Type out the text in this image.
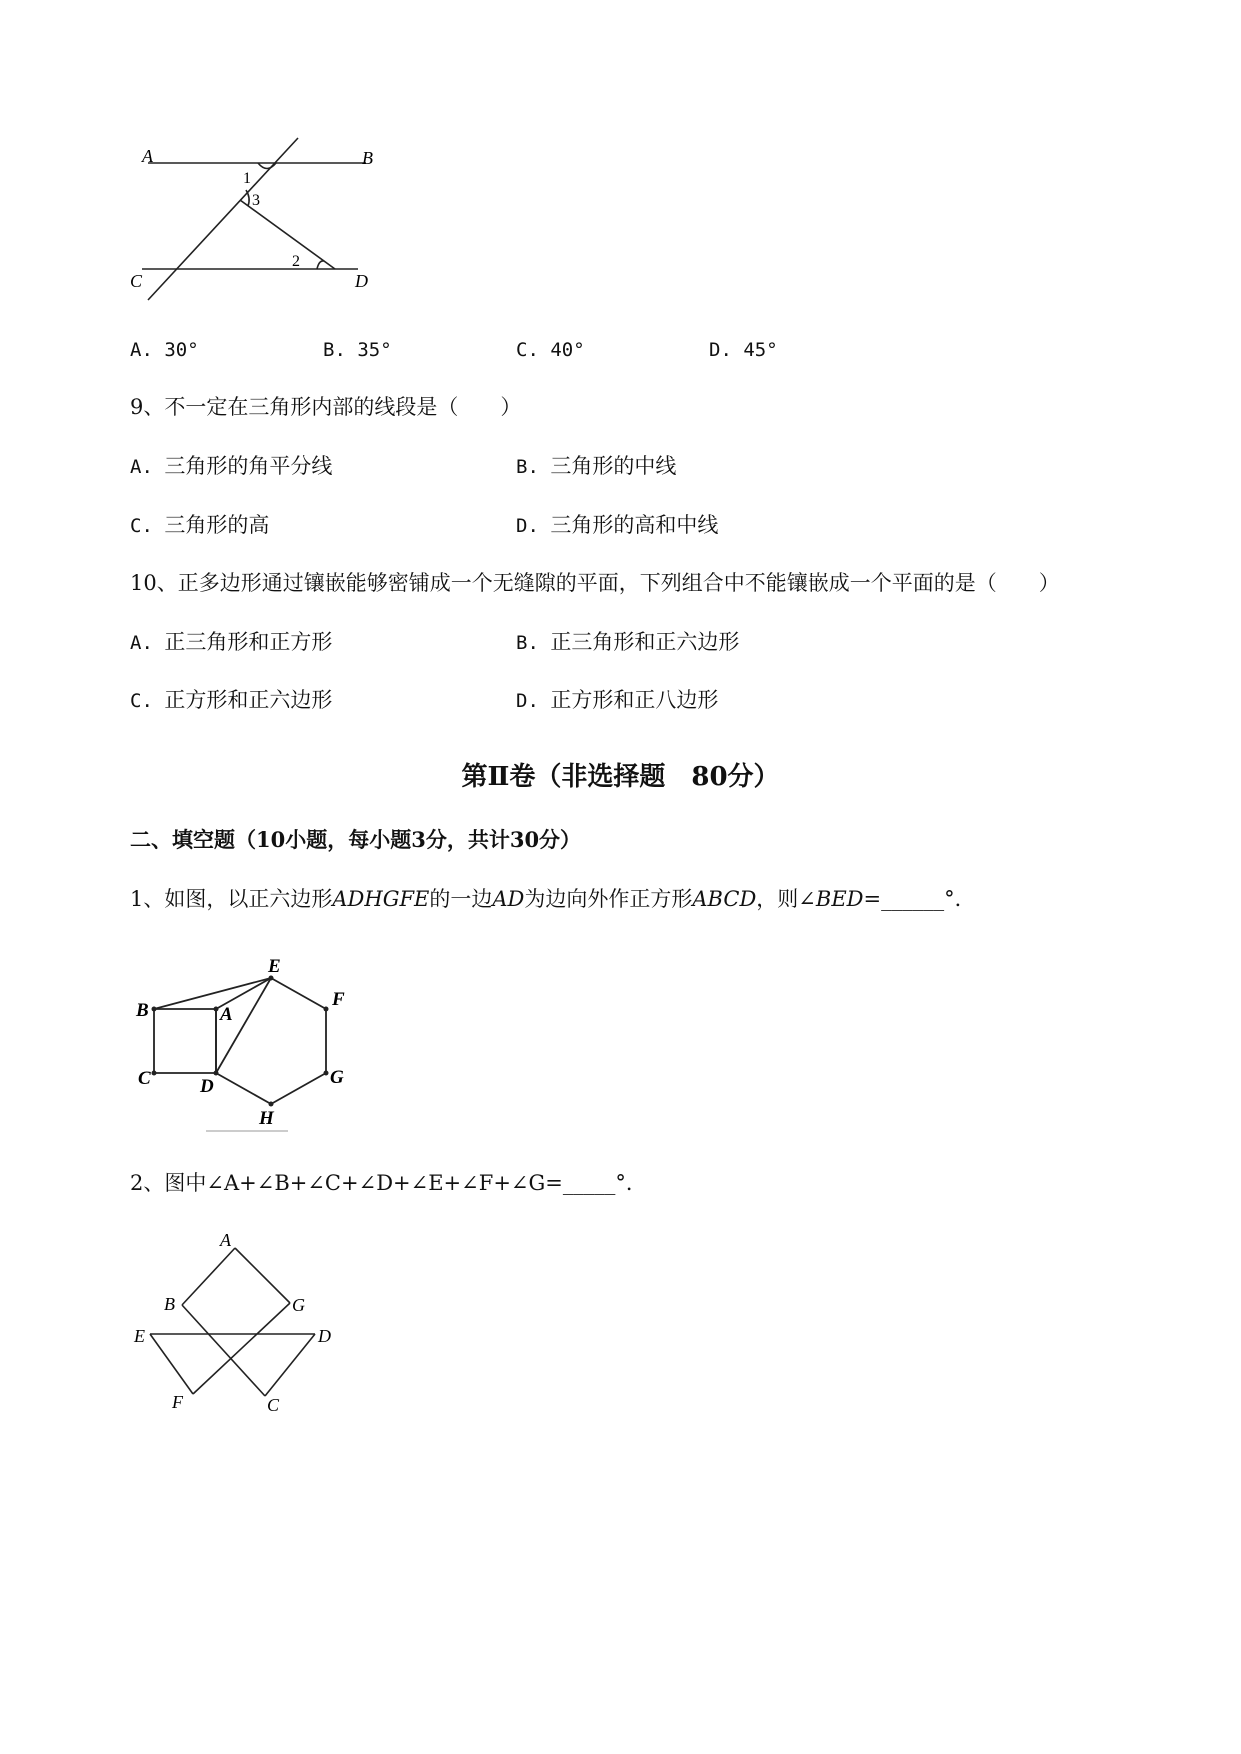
A	B
C	D
1
3
2
A. 30°	B. 35°	C. 40°	D. 45°
9、不一定在三角形内部的线段是（　　）
A. 三角形的角平分线	B. 三角形的中线
C. 三角形的高	D. 三角形的高和中线
10、正多边形通过镶嵌能够密铺成一个无缝隙的平面，下列组合中不能镶嵌成一个平面的是（　　）
A. 正三角形和正方形	B. 正三角形和正六边形
C. 正方形和正六边形	D. 正方形和正八边形
第Ⅱ卷（非选择题　80分）
二、填空题（10小题，每小题3分，共计30分）
1、如图，以正六边形ADHGFE的一边AD为边向外作正方形ABCD，则∠BED=______°．
B	A
C	D
E
F
G
H
2、图中∠A+∠B+∠C+∠D+∠E+∠F+∠G=_____°．
A
B	G
E	D
F	C
